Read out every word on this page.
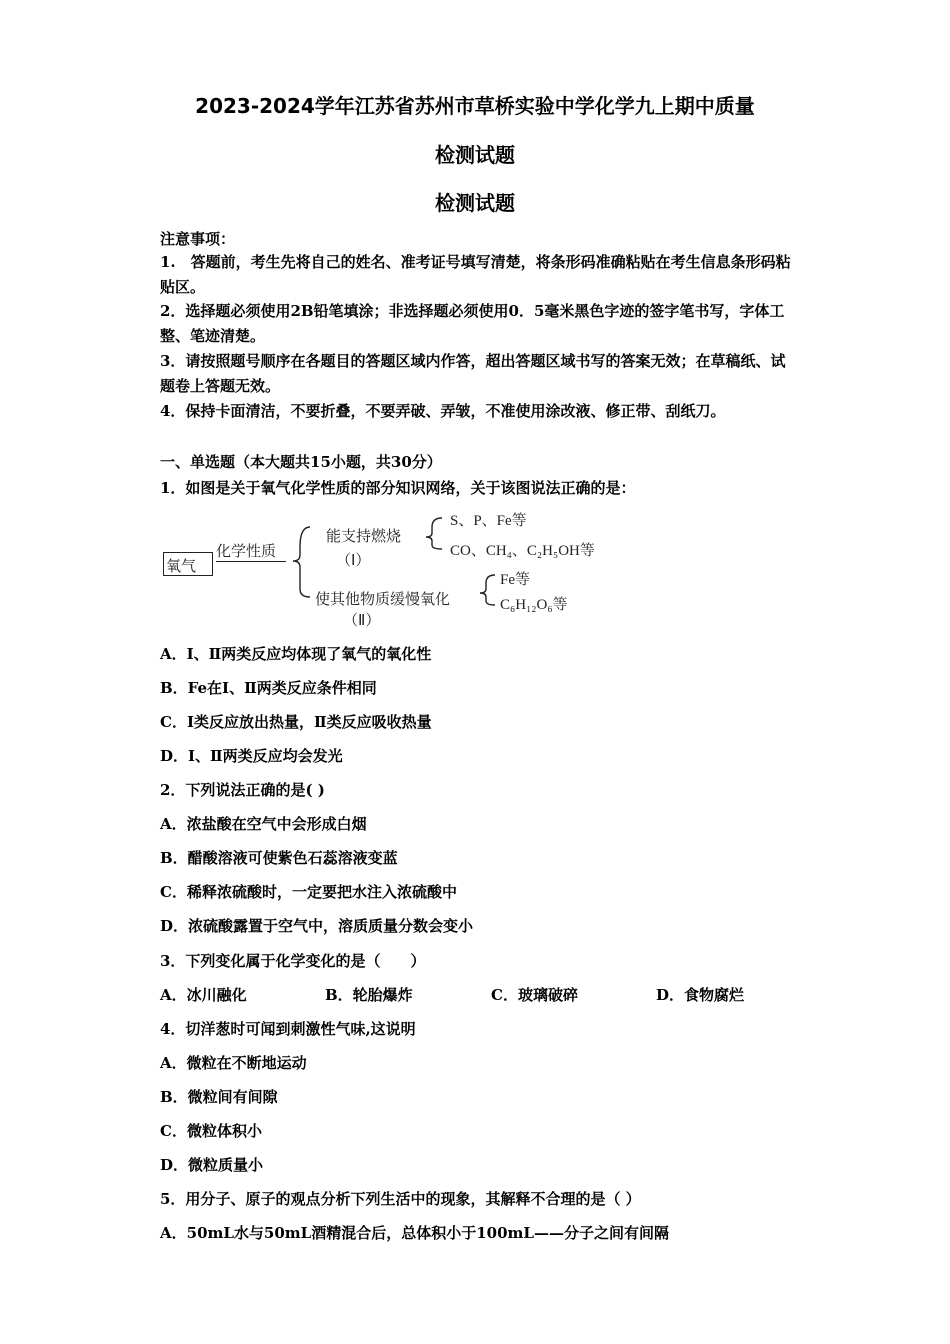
2023-2024学年江苏省苏州市草桥实验中学化学九上期中质量
检测试题
检测试题
注意事项：
1.　答题前，考生先将自己的姓名、准考证号填写清楚，将条形码准确粘贴在考生信息条形码粘贴区。
2．选择题必须使用2B铅笔填涂；非选择题必须使用0．5毫米黑色字迹的签字笔书写，字体工整、笔迹清楚。
3．请按照题号顺序在各题目的答题区域内作答，超出答题区域书写的答案无效；在草稿纸、试题卷上答题无效。
4．保持卡面清洁，不要折叠，不要弄破、弄皱，不准使用涂改液、修正带、刮纸刀。
一、单选题（本大题共15小题，共30分）
1．如图是关于氧气化学性质的部分知识网络，关于该图说法正确的是：
氧气
化学性质
能支持燃烧
（Ⅰ）
S、P、Fe等
CO、CH₄、C₂H₅OH等
使其他物质缓慢氧化
（Ⅱ）
Fe等
C₆H₁₂O₆等
A．Ⅰ、Ⅱ两类反应均体现了氧气的氧化性
B．Fe在Ⅰ、Ⅱ两类反应条件相同
C．Ⅰ类反应放出热量，Ⅱ类反应吸收热量
D．Ⅰ、Ⅱ两类反应均会发光
2．下列说法正确的是( )
A．浓盐酸在空气中会形成白烟
B．醋酸溶液可使紫色石蕊溶液变蓝
C．稀释浓硫酸时，一定要把水注入浓硫酸中
D．浓硫酸露置于空气中，溶质质量分数会变小
3．下列变化属于化学变化的是（　　）
A．冰川融化	B．轮胎爆炸	C．玻璃破碎	D．食物腐烂
4．切洋葱时可闻到刺激性气味,这说明
A．微粒在不断地运动
B．微粒间有间隙
C．微粒体积小
D．微粒质量小
5．用分子、原子的观点分析下列生活中的现象，其解释不合理的是（ ）
A．50mL水与50mL酒精混合后，总体积小于100mL——分子之间有间隔
